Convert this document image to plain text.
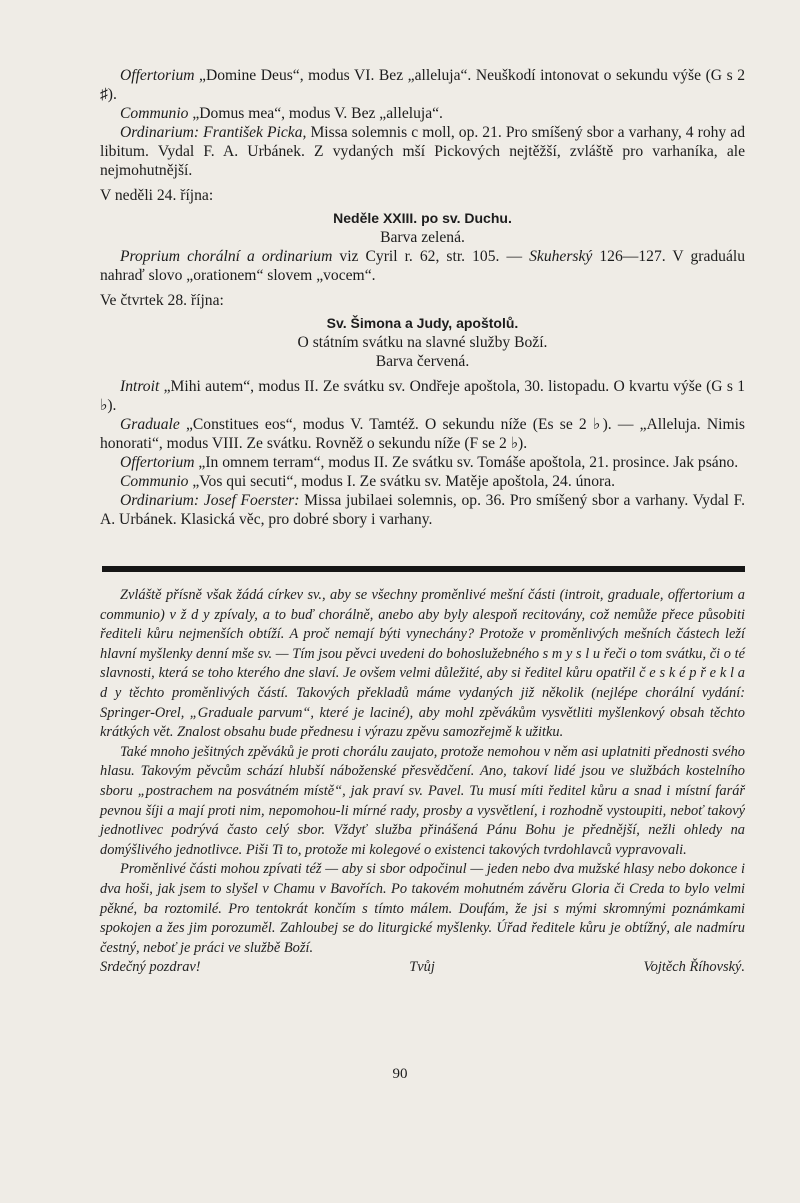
Offertorium „Domine Deus“, modus VI. Bez „alleluja“. Neuškodí intonovat o sekundu výše (G s 2 ♯).

Communio „Domus mea“, modus V. Bez „alleluja“.

Ordinarium: František Picka, Missa solemnis c moll, op. 21. Pro smíšený sbor a varhany, 4 rohy ad libitum. Vydal F. A. Urbánek. Z vydaných mší Pickových nejtěžší, zvláště pro varhaníka, ale nejmohutnější.

V neděli 24. října:

Neděle XXIII. po sv. Duchu.

Barva zelená.

Proprium chorální a ordinarium viz Cyril r. 62, str. 105. — Skuherský 126—127. V graduálu nahraď slovo „orationem“ slovem „vocem“.

Ve čtvrtek 28. října:

Sv. Šimona a Judy, apoštolů.

O státním svátku na slavné služby Boží.

Barva červená.

Introit „Mihi autem“, modus II. Ze svátku sv. Ondřeje apoštola, 30. listopadu. O kvartu výše (G s 1 ♭).

Graduale „Constitues eos“, modus V. Tamtéž. O sekundu níže (Es se 2 ♭). — „Alleluja. Nimis honorati“, modus VIII. Ze svátku. Rovněž o sekundu níže (F se 2 ♭).

Offertorium „In omnem terram“, modus II. Ze svátku sv. Tomáše apoštola, 21. prosince. Jak psáno.

Communio „Vos qui secuti“, modus I. Ze svátku sv. Matěje apoštola, 24. února.

Ordinarium: Josef Foerster: Missa jubilaei solemnis, op. 36. Pro smíšený sbor a varhany. Vydal F. A. Urbánek. Klasická věc, pro dobré sbory i varhany.

Zvláště přísně však žádá církev sv., aby se všechny proměnlivé mešní části (introit, graduale, offertorium a communio) v ž d y zpívaly, a to buď chorálně, anebo aby byly alespoň recitovány, což nemůže přece působiti řediteli kůru nejmenších obtíží. A proč nemají býti vynechány? Protože v proměnlivých mešních částech leží hlavní myšlenky denní mše sv. — Tím jsou pěvci uvedeni do bohoslužebného s m y s l u řeči o tom svátku, či o té slavnosti, která se toho kterého dne slaví. Je ovšem velmi důležité, aby si ředitel kůru opatřil č e s k é p ř e k l a d y těchto proměnlivých částí. Takových překladů máme vydaných již několik (nejlépe chorální vydání: Springer-Orel, „Graduale parvum“, které je laciné), aby mohl zpěvákům vysvětliti myšlenkový obsah těchto krátkých vět. Znalost obsahu bude přednesu i výrazu zpěvu samozřejmě k užitku.

Také mnoho ješitných zpěváků je proti chorálu zaujato, protože nemohou v něm asi uplatniti přednosti svého hlasu. Takovým pěvcům schází hlubší náboženské přesvědčení. Ano, takoví lidé jsou ve službách kostelního sboru „postrachem na posvátném místě“, jak praví sv. Pavel. Tu musí míti ředitel kůru a snad i místní farář pevnou šíji a mají proti nim, nepomohou-li mírné rady, prosby a vysvětlení, i rozhodně vystoupiti, neboť takový jednotlivec podrývá často celý sbor. Vždyť služba přinášená Pánu Bohu je přednější, nežli ohledy na domýšlivého jednotlivce. Piši Ti to, protože mi kolegové o existenci takových tvrdohlavců vypravovali.

Proměnlivé části mohou zpívati též — aby si sbor odpočinul — jeden nebo dva mužské hlasy nebo dokonce i dva hoši, jak jsem to slyšel v Chamu v Bavořích. Po takovém mohutném závěru Gloria či Creda to bylo velmi pěkné, ba roztomilé. Pro tentokrát končím s tímto málem. Doufám, že jsi s mými skromnými poznámkami spokojen a žes jim porozuměl. Zahloubej se do liturgické myšlenky. Úřad ředitele kůru je obtížný, ale nadmíru čestný, neboť je práci ve službě Boží.

Srdečný pozdrav!	Tvůj	Vojtěch Říhovský.
90
